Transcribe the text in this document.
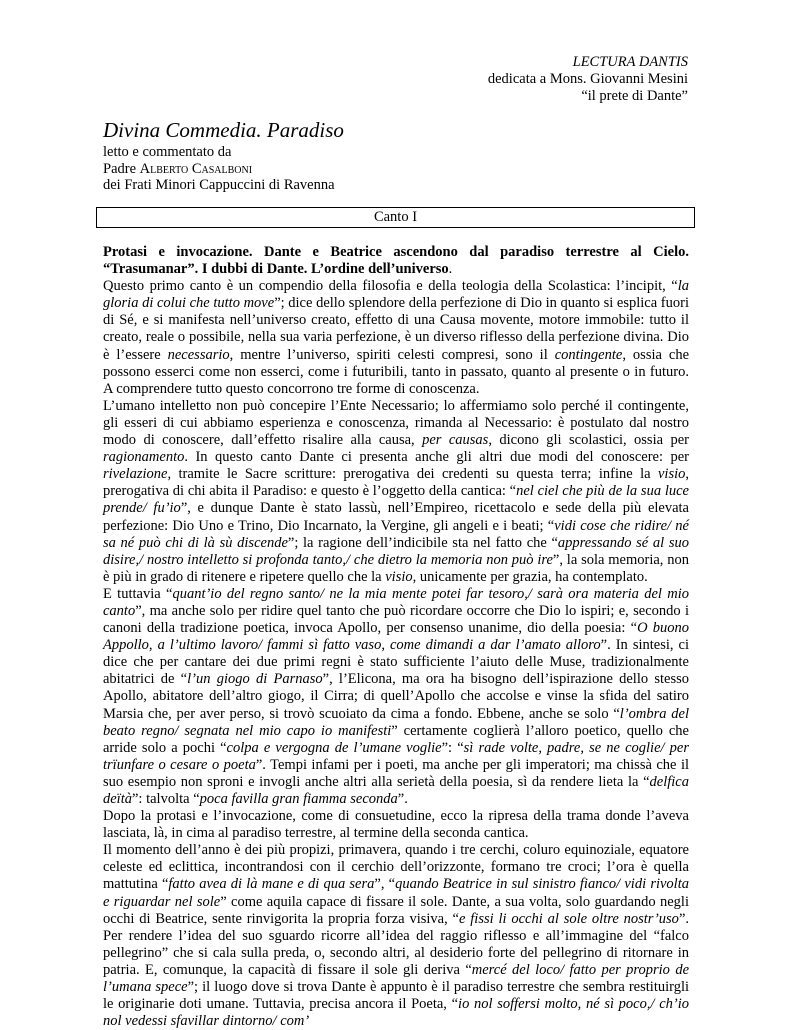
LECTURA DANTIS
dedicata a Mons. Giovanni Mesini
“il prete di Dante”
Divina Commedia. Paradiso
letto e commentato da
Padre Alberto Casalboni
dei Frati Minori Cappuccini di Ravenna
Canto I

Protasi e invocazione. Dante e Beatrice ascendono dal paradiso terrestre al Cielo. “Trasumanar”. I dubbi di Dante. L’ordine dell’universo.

Questo primo canto è un compendio della filosofia e della teologia della Scolastica: l’incipit, “la gloria di colui che tutto move”; dice dello splendore della perfezione di Dio in quanto si esplica fuori di Sé, e si manifesta nell’universo creato, effetto di una Causa movente, motore immobile: tutto il creato, reale o possibile, nella sua varia perfezione, è un diverso riflesso della perfezione divina. Dio è l’essere necessario, mentre l’universo, spiriti celesti compresi, sono il contingente, ossia che possono esserci come non esserci, come i futuribili, tanto in passato, quanto al presente o in futuro. A comprendere tutto questo concorrono tre forme di conoscenza.

L’umano intelletto non può concepire l’Ente Necessario; lo affermiamo solo perché il contingente, gli esseri di cui abbiamo esperienza e conoscenza, rimanda al Necessario: è postulato dal nostro modo di conoscere, dall’effetto risalire alla causa, per causas, dicono gli scolastici, ossia per ragionamento. In questo canto Dante ci presenta anche gli altri due modi del conoscere: per rivelazione, tramite le Sacre scritture: prerogativa dei credenti su questa terra; infine la visio, prerogativa di chi abita il Paradiso: e questo è l’oggetto della cantica: “nel ciel che più de la sua luce prende/ fu’io”, e dunque Dante è stato lassù, nell’Empireo, ricettacolo e sede della più elevata perfezione: Dio Uno e Trino, Dio Incarnato, la Vergine, gli angeli e i beati; “vidi cose che ridire/ né sa né può chi di là sù discende”; la ragione dell’indicibile sta nel fatto che “appressando sé al suo disire,/ nostro intelletto si profonda tanto,/ che dietro la memoria non può ire”, la sola memoria, non è più in grado di ritenere e ripetere quello che la visio, unicamente per grazia, ha contemplato.

E tuttavia “quant’io del regno santo/ ne la mia mente potei far tesoro,/ sarà ora materia del mio canto”, ma anche solo per ridire quel tanto che può ricordare occorre che Dio lo ispiri; e, secondo i canoni della tradizione poetica, invoca Apollo, per consenso unanime, dio della poesia: “O buono Appollo, a l’ultimo lavoro/ fammi sì fatto vaso, come dimandi a dar l’amato alloro”. In sintesi, ci dice che per cantare dei due primi regni è stato sufficiente l’aiuto delle Muse, tradizionalmente abitatrici de “l’un giogo di Parnaso”, l’Elicona, ma ora ha bisogno dell’ispirazione dello stesso Apollo, abitatore dell’altro giogo, il Cirra; di quell’Apollo che accolse e vinse la sfida del satiro Marsia che, per aver perso, si trovò scuoiato da cima a fondo. Ebbene, anche se solo “l’ombra del beato regno/ segnata nel mio capo io manifesti” certamente coglierà l’alloro poetico, quello che arride solo a pochi “colpa e vergogna de l’umane voglie”: “sì rade volte, padre, se ne coglie/ per trïunfare o cesare o poeta”. Tempi infami per i poeti, ma anche per gli imperatori; ma chissà che il suo esempio non sproni e invogli anche altri alla serietà della poesia, sì da rendere lieta la “delfica deïtà”: talvolta “poca favilla gran fiamma seconda”.

Dopo la protasi e l’invocazione, come di consuetudine, ecco la ripresa della trama donde l’aveva lasciata, là, in cima al paradiso terrestre, al termine della seconda cantica.

Il momento dell’anno è dei più propizi, primavera, quando i tre cerchi, coluro equinoziale, equatore celeste ed eclittica, incontrandosi con il cerchio dell’orizzonte, formano tre croci; l’ora è quella mattutina “fatto avea di là mane e di qua sera”, “quando Beatrice in sul sinistro fianco/ vidi rivolta e riguardar nel sole” come aquila capace di fissare il sole. Dante, a sua volta, solo guardando negli occhi di Beatrice, sente rinvigorita la propria forza visiva, “e fissi li occhi al sole oltre nostr’uso”. Per rendere l’idea del suo sguardo ricorre all’idea del raggio riflesso e all’immagine del “falco pellegrino” che si cala sulla preda, o, secondo altri, al desiderio forte del pellegrino di ritornare in patria. E, comunque, la capacità di fissare il sole gli deriva “mercé del loco/ fatto per proprio de l’umana spece”; il luogo dove si trova Dante è appunto è il paradiso terrestre che sembra restituirgli le originarie doti umane. Tuttavia, precisa ancora il Poeta, “io nol soffersi molto, né sì poco,/ ch’io nol vedessi sfavillar dintorno/ com’
